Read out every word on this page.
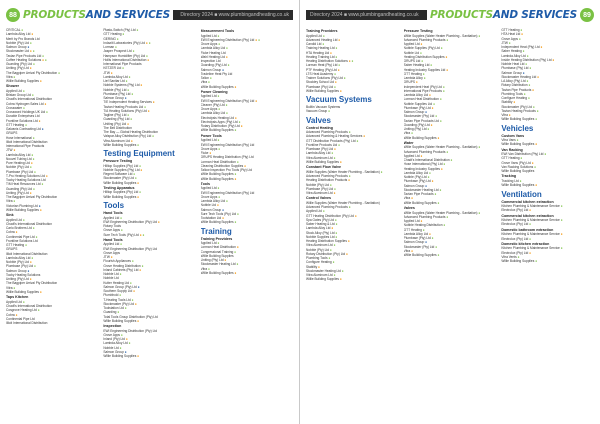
88 PRODUCTSAND SERVICES	Directory 2024 ■ www.plumbingandheating.co.uk
CRITICAL ●
Lambda Alloy Ltd ●
Merit by Pro Brands Ltd
Nobble (Pty) Ltd ●
Salmon Group ●
Stockmaster Ltd ● ●
Tavian Pipe Products Ltd ●
Coffee Heating Solutions ● ●
Guarding (Pty) Ltd ●
Uniting (Pty) Ltd ●
The Bagpiper Arrival Pty Distribution ●
Vitra ●
Willie Building Supplies ●
Shower
Applied Ltd ●
Bristan Group Ltd ●
Chadt's International Distribution
Cobra Hydrogen Sales Ltd ●
Crosswater ●
Crossword Holdings UK Ltd ●
Durable Enterprises Ltd
Frontline Solutions Ltd ●
GTT Heating ●
Galvanis Contracting Ltd ●
GRUPS
Hose International ●
Illicit International Distribution
International Pipe Products
JTW ●
Lambda Alloy Ltd ●
Nouvel Tubing Ltd ●
Pure Heating Ltd ●
Nobble (Pty) Ltd ●
Plumbase (Pty) Ltd ●
T-Pro Heating Solutions Ltd ●
Tooby Heating Solutions Ltd
T/M Heat Resources Ltd ●
Guarding (Pty) Ltd ●
Uniting (Pty) Ltd ●
The Bagpiper Arrival Pty Distribution
Vitra ●
Victorian Plumbing Ltd ●
Willie Building Supplies ●
Sink
Applied Ltd ●
Chadt's International Distribution
Carlo Brothers Ltd ●
Cobra ●
Continental Pipe Ltd ●
Frontline Solutions Ltd
GTT Heating ●
GRUPS
Illicit International Distribution
Lambda Alloy Ltd ●
Nobble (Pty) Ltd ●
Plumbase (Pty) Ltd ●
Salmon Group ●
Tooby Heating Solutions
Uniting (Pty) Ltd ●
The Bagpiper Arrival Pty Distribution
Vitra ●
Willie Building Supplies ●
Taps Kitchen
Applied Ltd ●
Chadt's International Distribution
Cosgrove Heating Ltd ●
Cobra ●
Continental Pipe Ltd
Illicit International Distribution
Plasto-Switch (Pty) Ltd ●
GTT Heating ●
GERING ●
Indaziti Laboratories (Pty) Ltd ● ●
Lorman ●
Jasper Prospect Ltd ●
Hampson Humidifier (Pty) Ltd ●
Hollis International Distribution ●
International Pipe Products
KETZER Ltd ●
JTW ●
Lambda Alloy Ltd ●
Lief Sanitar Ltd ●
Nobble Systems (Pty) Ltd ●
Nobble (Pty) Ltd ●
Plumbase (Pty) Ltd ●
Salmon Group ●
T/E Independent Heating Services ●
Tavian Heating Products Ltd ●
T/A Heating Solutions (Pty) Ltd ●
Tagline (Pty) Ltd ●
Guarding (Pty) Ltd ●
Uniting (Pty) Ltd ●
The Bell Distribution
The Bay — Global Heating Distribution
Valspar Alloy Distribution (Pty) Ltd ●
Vitra Aluminum Ltd ●
Willie Building Supplies ●
Testing Equipment
Pressure Testing
Hilltop Supplies (Pty) Ltd ●
Nobble Supplies (Pty) Ltd ●
Regent Software Ltd ●
Stockmaster (Pty) Ltd ●
Willie Building Supplies ●
Testing Apparatus
Hilltop Supplies (Pty) Ltd ●
Willie Building Supplies ●
Tools
Hand Tools
Applied Ltd ●
EWI Engineering Distribution (Pty) Ltd ●
Rotary Tools
Grove Apps ●
Sure Tech Tools (Pty) Ltd ● ●
Hand Tools
Applied Ltd ●
EWI Engineering Distribution (Pty) Ltd
Grove Apps
JTW ●
Flourish Appliances ●
Grove Heating Distribution ●
Inland Cabinets (Pty) Ltd ●
Nobble Ltd ●
Nobble Ltd
Kutter Heating Ltd ●
Salmon Group (Pty) Ltd ●
Southern Supply Ltd ●
Plumbhold ●
T-Heating Tools Ltd ●
Stockmaster (Pty) Ltd ●
Toolstation Ltd ●
Guarding ●
Total Tools Group Distribution (Pty) Ltd
Willie Building Supplies ●
Inspection
EWI Engineering Distribution (Pty) Ltd
Grove Apps ●
Inland (Pty) Ltd ●
Lambda Alloy Ltd ●
Nobble Ltd ●
Salmon Group ●
Willie Building Supplies ●
Measurement Tools
Applied Ltd ●
EWI Engineering Distribution (Pty) Ltd ● ●
Grove Apps ●
Lambda Alloy Ltd ●
Fluke Heating Ltd
Wahl Heating Ltd ●
Inspection Ltd
Guarding (Pty) Ltd ●
Salmon Group ●
Tradeline Heat Pty Ltd
Tallon ●
Vitra ●
Willie Building Supplies ●
Power Cleaning
Applied Ltd ●
EWI Engineering Distribution (Pty) Ltd ●
Cleaner (Pty) Ltd ●
Grove Apps ●
Lambda Alloy Ltd ●
Electrolysis Heating Ltd ●
Electrolysis Apps (Pty) Ltd ●
Rotary Distribution (Pty) Ltd ●
Willie Building Supplies ●
Power Tools
Applied Ltd ●
EWI Engineering Distribution (Pty) Ltd
Grove Apps ●
Fluke ●
GRUPS Heating Distribution (Pty) Ltd
Lorman Heat Distribution ●
Cleaning Distribution Supplies ●
Tallow Inspection Pro Tools (Pty) Ltd
Willie Building Supplies ●
Willie Building Supplies ●
Tools
Applied Ltd ●
EWI Engineering Distribution (Pty) Ltd
Grove Apps ●
Lambda Alloy Ltd ●
Nobble Ltd ●
Salmon Group ●
Sure Tech Tools (Pty) Ltd ●
Toolstation Ltd ●
Willie Building Supplies ●
Training
Training Providers
Applied Ltd ●
Lorman Heat Distribution ●
Congressional Training ●
Willie Building Supplies
Uniting (Pty) Ltd ●
Stockmaster Heating Ltd ●
Vitra ●
Willie Building Supplies ●
Directory 2024 ■ www.plumbingandheating.co.uk	PRODUCTSAND SERVICES 89
Training Providers
Applied Ltd ●
Advanced Heating Ltd ●
Candid Ltd ●
Training Heating Ltd ●
HTA Heating Ltd ●
Heating Training Ltd ●
Heating Distribution Solutions ● ●
Lorman Heat (Pty) Ltd ●
PTF Heating (Pty) Ltd ●
LTS Heat Academy ●
Trainer Solutions (Pty) Ltd ●
Stockley School Ltd ●
Plumbase (Pty) Ltd ●
Willie Building Supplies ●
Vacuum Systems
Builtin Vacuum Systems
Vacuum Group ●
Valves
Control Heating
Advanced Plumbing Products ●
Advanced Plumbing & Heating Services ●
GTT Distribution Products (Pty) Ltd ●
Frontline Products Ltd ●
Plumbase (Pty) Ltd ●
Lambda Alloy Ltd ●
Vitra Aluminum Ltd ●
Willie Building Supplies ●
Constant Flow Valve
Willie Supplies (Water Heater Plumbing - Sanitation) ●
Advanced Plumbing Products ●
Heating Distribution Products ●
Nobble (Pty) Ltd ●
Plumbase (Pty) Ltd ●
Vitra Aluminum Ltd ●
Control Valves
Willie Supplies (Water Heater Plumbing - Sanitation)
Advanced Plumbing Products ●
Applied Ltd ●
GTT Heating Distribution (Pty) Ltd ●
Spa Gates (Pty) Ltd ●
Saber Heating & Ltd ●
Lambda Alloy Ltd ●
Stock Alloy (Pty) Ltd ●
Nobble Supplies Ltd ●
Heating Distribution Supplies ●
Vitra Aluminum Ltd ●
Nobble (Pty) Ltd ●
Rotary Distribution (Pty) Ltd ●
Plumbing Tools ●
Configure Heating ●
Stability ●
Stockmaster Heating Ltd ●
Vitra Aluminum Ltd ●
Willie Building Supplies ●
Pressure Testing
Willie Supplies (Water Heater Plumbing - Sanitation) ●
Advanced Plumbing Products ●
Applied Ltd ●
Nobble Supplies (Pty) Ltd ●
Nobble Ltd ●
Heating Distribution Supplies ●
GRUPS Ltd ●
Saber Heating Ltd ●
Heating Industry Supplies Ltd ●
GTT Heating ●
Lambda Alloy ●
GRUPS ●
Independent Heat (Pty) Ltd ●
International Pipe Products ●
Lambda Alloy Ltd ●
Lorman Heat Distribution ●
Nobble Supplies Ltd ●
Plumbase (Pty) Ltd ●
Salmon Group ●
Stockmaster (Pty) Ltd ●
Tavian Pipe Products Ltd ●
Guarding (Pty) Ltd ●
Uniting (Pty) Ltd ●
Vitra ●
Willie Building Supplies ●
Water
Willie Supplies (Water Heater Plumbing - Sanitation) ●
Advanced Plumbing Products ●
Applied Ltd ●
Chadt's International Distribution ●
Hose International (Pty) Ltd ●
Heating Industry Supplies ●
Lambda Alloy Ltd ●
Nobble (Pty) Ltd ●
Plumbase (Pty) Ltd ●
Salmon Group ●
Stockmaster Heating Ltd ●
Tavian Pipe Products ●
Vitra ●
Willie Building Supplies ●
Valves
Willie Supplies (Water Heater Plumbing - Sanitation) ●
Advanced Plumbing Products ●
Applied Ltd ●
Nobble Heating Distribution ●
GTT Heating ●
Lambda Alloy Ltd ●
Plumbase (Pty) Ltd ●
Salmon Group ●
Stockmaster (Pty) Ltd ●
Vitra ●
Willie Building Supplies ●
GTT Heating ●
HTA Heat Ltd ●
Grove Apps ●
JTW ●
Independent Heat (Pty) Ltd ●
Saber Heating ●
Lambda Alloy Ltd ●
Inside Heating Distribution (Pty) Ltd ●
Nobble Heat Ltd ●
Plumbase (Pty) Ltd ●
Salmon Group ●
Stockmaster Heating Ltd ●
LA Alloy (Pty) Ltd ●
Rotary Distribution ●
Tavian Pipe Products ●
Plumbing Tools ●
Configure Heating ●
Stability ●
Stockmaster (Pty) Ltd ●
Tavian Heating Products ●
Vitra ●
Willie Building Supplies ●
Vehicles
Custom Vans
Vitra Vans ●
Willie Building Supplies ●
Van Racking
EWI Van Distribution (Pty) Ltd ●
GTT Heating ●
Grove Vans (Pty) Ltd ●
Van Racking Solutions ●
Willie Building Supplies
Tracking
Tracking Ltd ●
Willie Building Supplies ●
Ventilation
Commercial kitchen extraction
Kitchen Plumbing & Maintenance Service ●
Electrolux (Pty) Ltd ●
Commercial kitchen extraction
Kitchen Plumbing & Maintenance Service ●
Electrolux (Pty) Ltd ●
Domestic bathroom extraction
Kitchen Plumbing & Maintenance Service ●
Electrolux (Pty) Ltd ●
Domestic kitchen extraction
Kitchen Plumbing & Maintenance Service ●
Electrolux (Pty) Ltd ●
Vitra Vents ●
Willie Building Supplies ●
